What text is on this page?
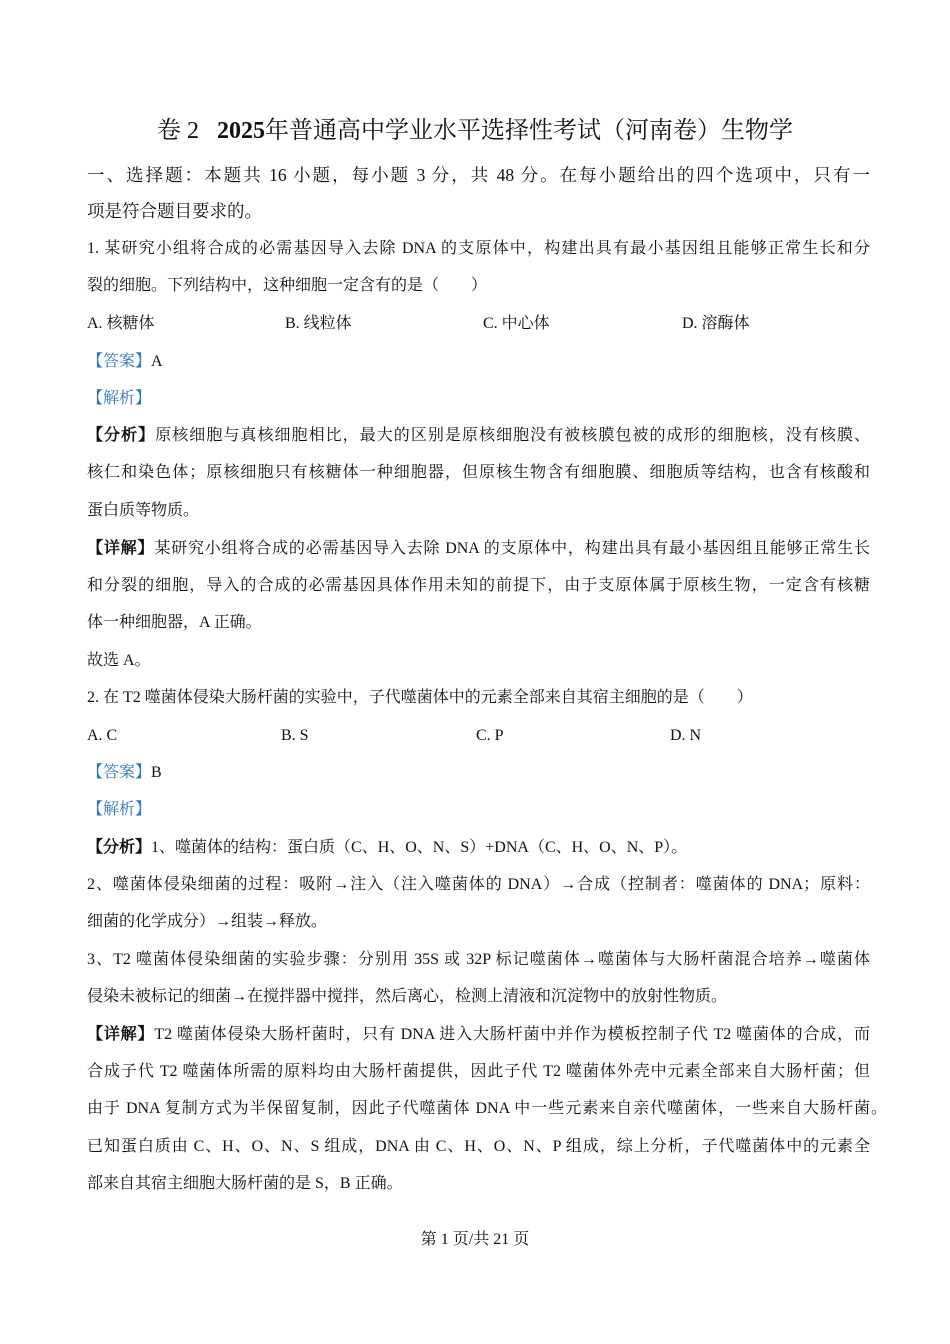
卷 2 2025年普通高中学业水平选择性考试（河南卷）生物学
一、选择题：本题共 16 小题，每小题 3 分，共 48 分。在每小题给出的四个选项中，只有一
项是符合题目要求的。
1. 某研究小组将合成的必需基因导入去除 DNA 的支原体中，构建出具有最小基因组且能够正常生长和分
裂的细胞。下列结构中，这种细胞一定含有的是（　　）
A. 核糖体	B. 线粒体	C. 中心体	D. 溶酶体
【答案】A
【解析】
【分析】原核细胞与真核细胞相比，最大的区别是原核细胞没有被核膜包被的成形的细胞核，没有核膜、
核仁和染色体；原核细胞只有核糖体一种细胞器，但原核生物含有细胞膜、细胞质等结构，也含有核酸和
蛋白质等物质。
【详解】某研究小组将合成的必需基因导入去除 DNA 的支原体中，构建出具有最小基因组且能够正常生长
和分裂的细胞，导入的合成的必需基因具体作用未知的前提下，由于支原体属于原核生物，一定含有核糖
体一种细胞器，A 正确。
故选 A。
2. 在 T2 噬菌体侵染大肠杆菌的实验中，子代噬菌体中的元素全部来自其宿主细胞的是（　　）
A. C	B. S	C. P	D. N
【答案】B
【解析】
【分析】1、噬菌体的结构：蛋白质（C、H、O、N、S）+DNA（C、H、O、N、P）。
2、噬菌体侵染细菌的过程：吸附→注入（注入噬菌体的 DNA）→合成（控制者：噬菌体的 DNA；原料：
细菌的化学成分）→组装→释放。
3、T2 噬菌体侵染细菌的实验步骤：分别用 35S 或 32P 标记噬菌体→噬菌体与大肠杆菌混合培养→噬菌体
侵染未被标记的细菌→在搅拌器中搅拌，然后离心，检测上清液和沉淀物中的放射性物质。
【详解】T2 噬菌体侵染大肠杆菌时，只有 DNA 进入大肠杆菌中并作为模板控制子代 T2 噬菌体的合成，而
合成子代 T2 噬菌体所需的原料均由大肠杆菌提供，因此子代 T2 噬菌体外壳中元素全部来自大肠杆菌；但
由于 DNA 复制方式为半保留复制，因此子代噬菌体 DNA 中一些元素来自亲代噬菌体，一些来自大肠杆菌。
已知蛋白质由 C、H、O、N、S 组成，DNA 由 C、H、O、N、P 组成，综上分析，子代噬菌体中的元素全
部来自其宿主细胞大肠杆菌的是 S，B 正确。
第 1 页/共 21 页
